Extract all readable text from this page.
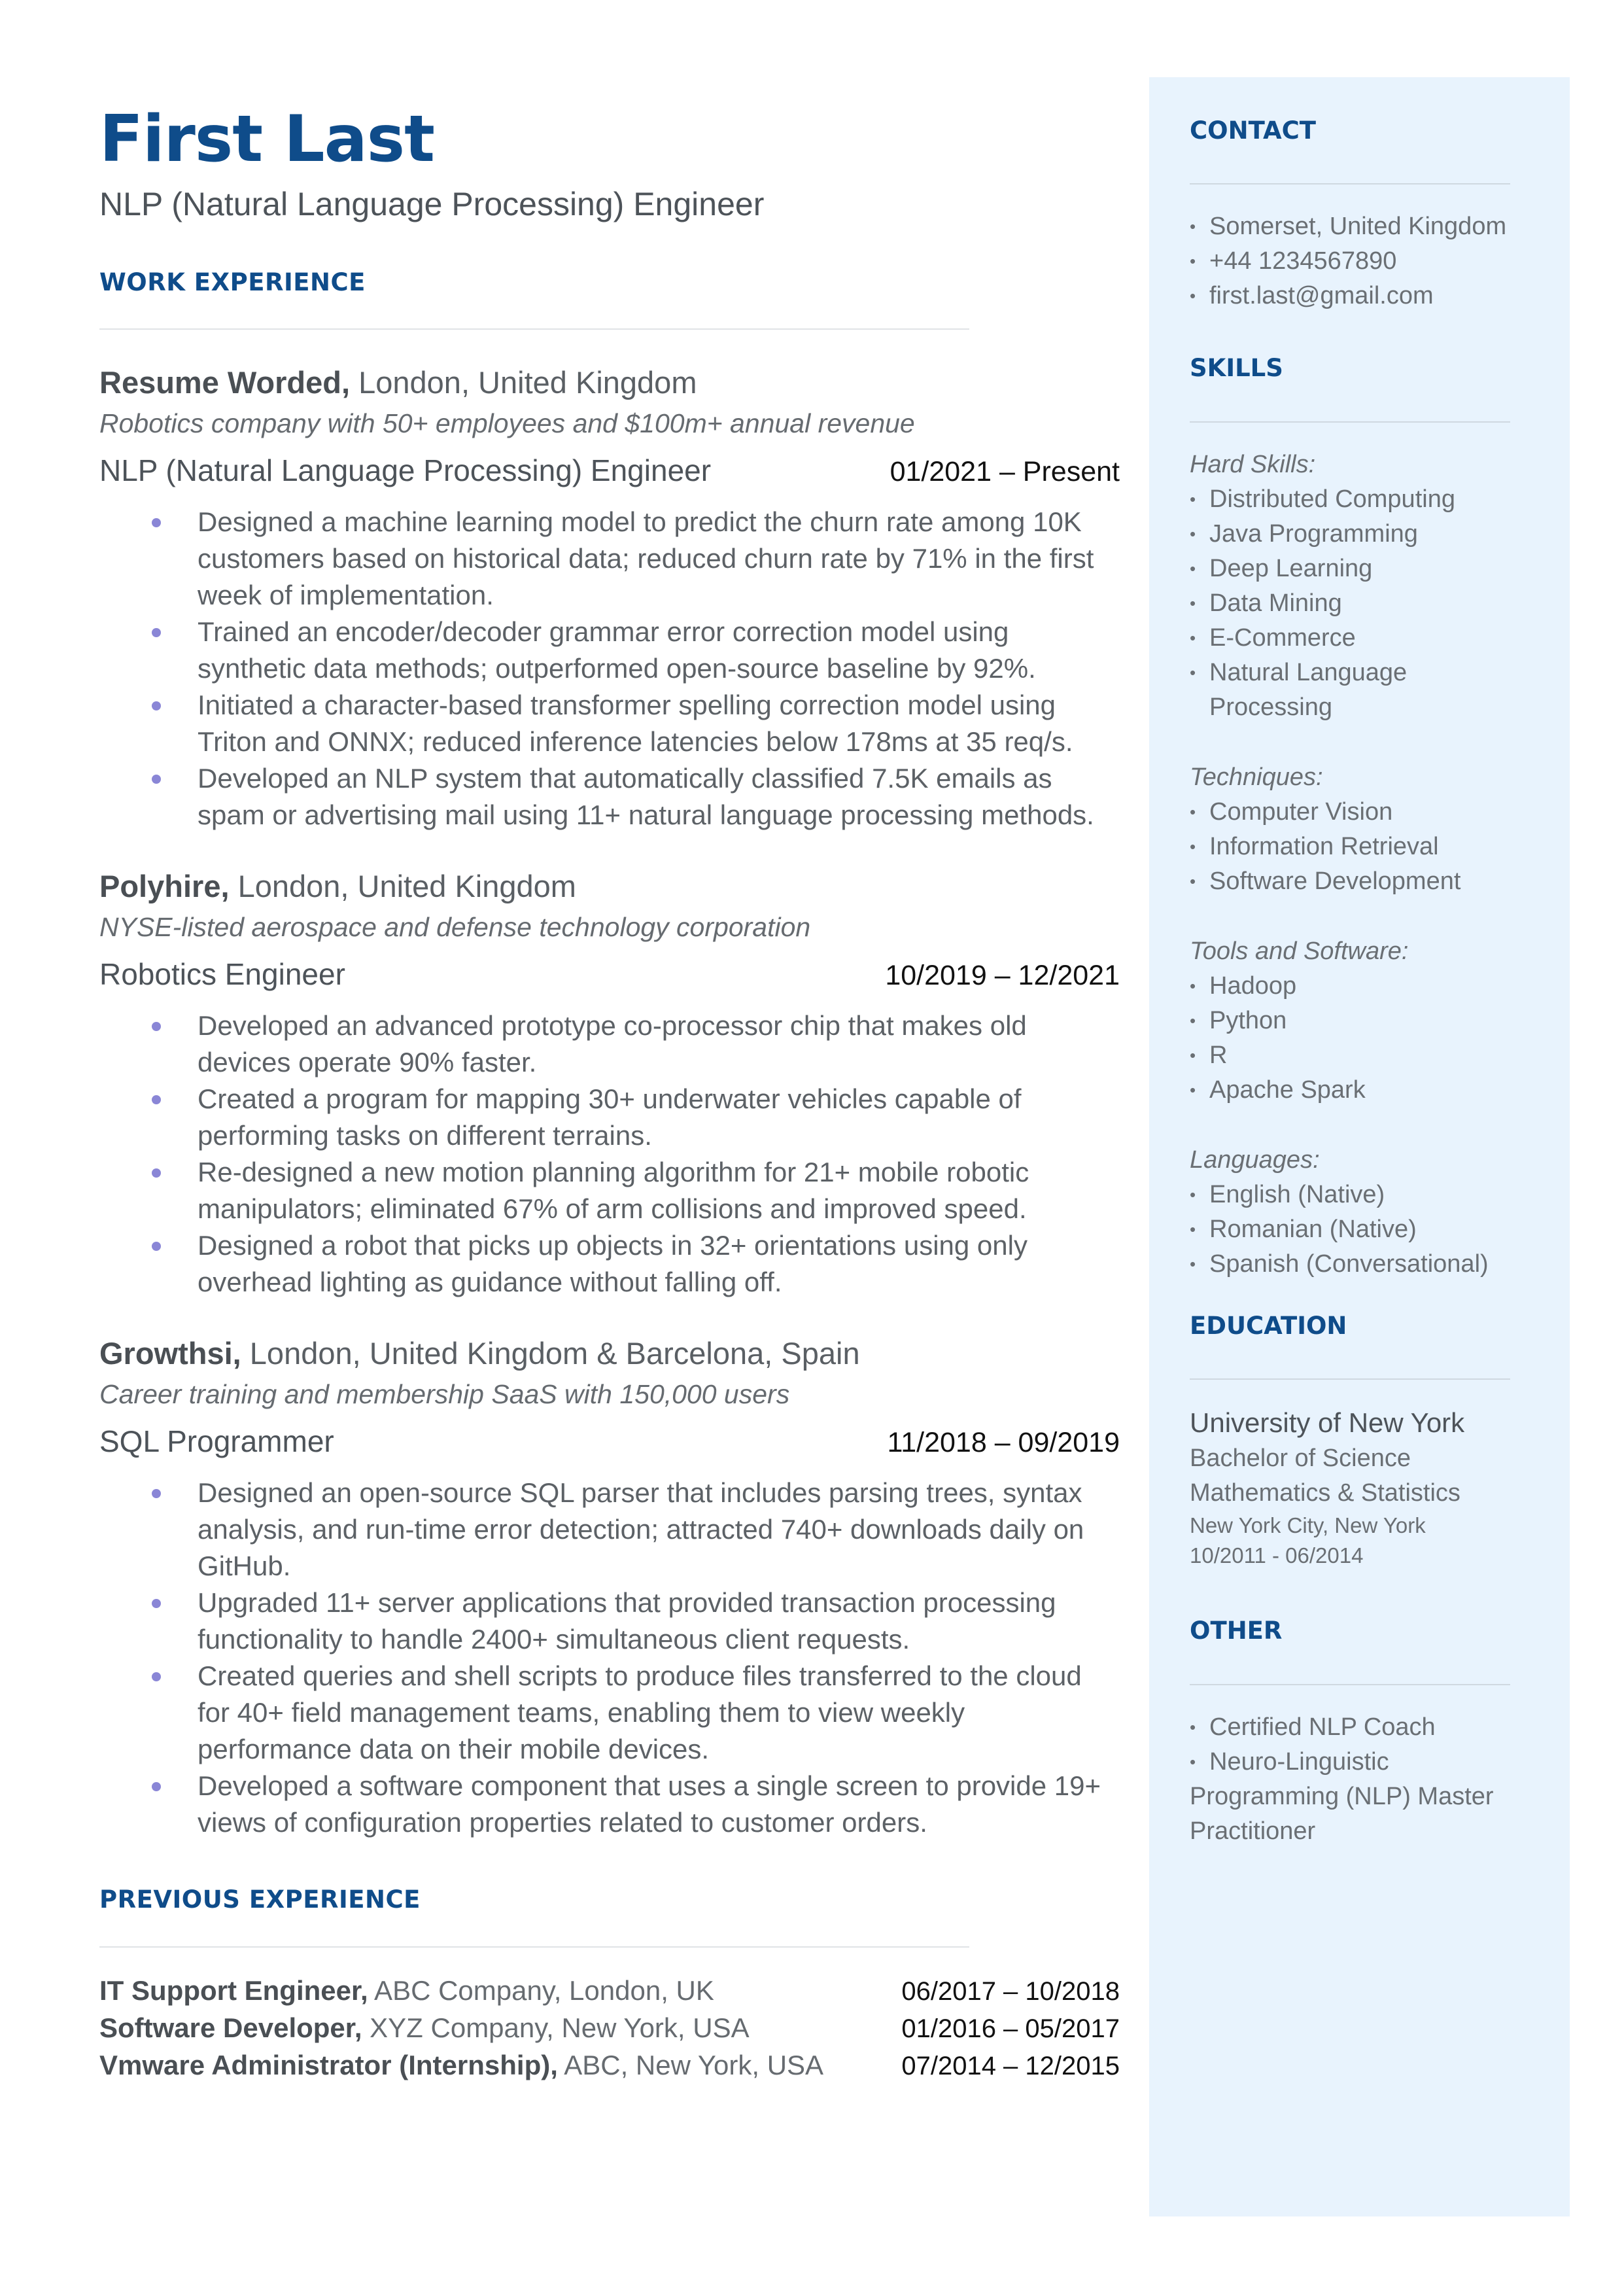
First Last
NLP (Natural Language Processing) Engineer
WORK EXPERIENCE
Resume Worded, London, United Kingdom
Robotics company with 50+ employees and $100m+ annual revenue
NLP (Natural Language Processing) Engineer	01/2021 – Present
Designed a machine learning model to predict the churn rate among 10K customers based on historical data; reduced churn rate by 71% in the first week of implementation.
Trained an encoder/decoder grammar error correction model using synthetic data methods; outperformed open-source baseline by 92%.
Initiated a character-based transformer spelling correction model using Triton and ONNX; reduced inference latencies below 178ms at 35 req/s.
Developed an NLP system that automatically classified 7.5K emails as spam or advertising mail using 11+ natural language processing methods.
Polyhire, London, United Kingdom
NYSE-listed aerospace and defense technology corporation
Robotics Engineer	10/2019 – 12/2021
Developed an advanced prototype co-processor chip that makes old devices operate 90% faster.
Created a program for mapping 30+ underwater vehicles capable of performing tasks on different terrains.
Re-designed a new motion planning algorithm for 21+ mobile robotic manipulators; eliminated 67% of arm collisions and improved speed.
Designed a robot that picks up objects in 32+ orientations using only overhead lighting as guidance without falling off.
Growthsi, London, United Kingdom & Barcelona, Spain
Career training and membership SaaS with 150,000 users
SQL Programmer	11/2018 – 09/2019
Designed an open-source SQL parser that includes parsing trees, syntax analysis, and run-time error detection; attracted 740+ downloads daily on GitHub.
Upgraded 11+ server applications that provided transaction processing functionality to handle 2400+ simultaneous client requests.
Created queries and shell scripts to produce files transferred to the cloud for 40+ field management teams, enabling them to view weekly performance data on their mobile devices.
Developed a software component that uses a single screen to provide 19+ views of configuration properties related to customer orders.
PREVIOUS EXPERIENCE
IT Support Engineer, ABC Company, London, UK	06/2017 – 10/2018
Software Developer, XYZ Company, New York, USA	01/2016 – 05/2017
Vmware Administrator (Internship), ABC, New York, USA	07/2014 – 12/2015
CONTACT
• Somerset, United Kingdom
• +44 1234567890
• first.last@gmail.com
SKILLS
Hard Skills:
• Distributed Computing
• Java Programming
• Deep Learning
• Data Mining
• E-Commerce
• Natural Language Processing
Techniques:
• Computer Vision
• Information Retrieval
• Software Development
Tools and Software:
• Hadoop
• Python
• R
• Apache Spark
Languages:
• English (Native)
• Romanian (Native)
• Spanish (Conversational)
EDUCATION
University of New York
Bachelor of Science
Mathematics & Statistics
New York City, New York
10/2011 - 06/2014
OTHER
• Certified NLP Coach
• Neuro-Linguistic
Programming (NLP) Master Practitioner
